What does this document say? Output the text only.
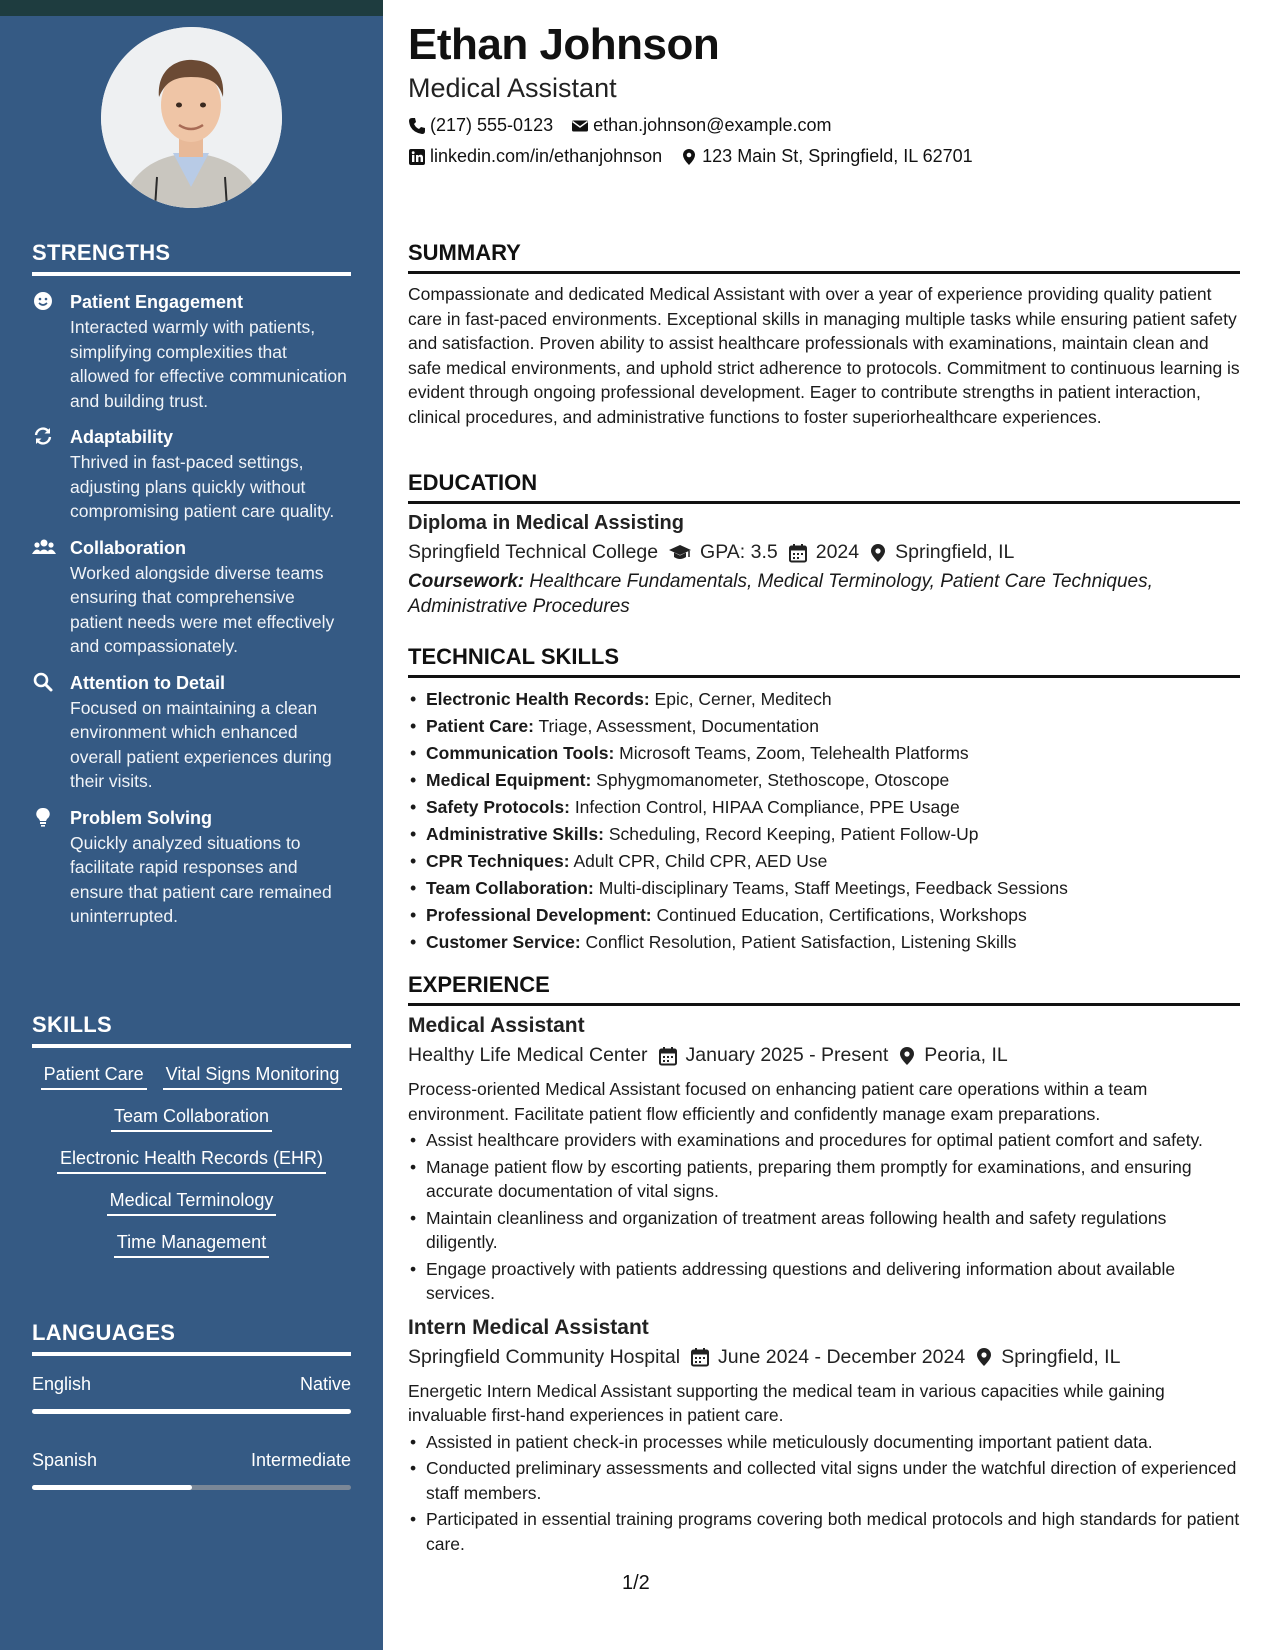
STRENGTHS
Patient Engagement
Interacted warmly with patients, simplifying complexities that allowed for effective communication and building trust.
Adaptability
Thrived in fast-paced settings, adjusting plans quickly without compromising patient care quality.
Collaboration
Worked alongside diverse teams ensuring that comprehensive patient needs were met effectively and compassionately.
Attention to Detail
Focused on maintaining a clean environment which enhanced overall patient experiences during their visits.
Problem Solving
Quickly analyzed situations to facilitate rapid responses and ensure that patient care remained uninterrupted.
SKILLS
Patient Care Vital Signs Monitoring
Team Collaboration
Electronic Health Records (EHR)
Medical Terminology
Time Management
LANGUAGES
English	Native
Spanish	Intermediate
Ethan Johnson
Medical Assistant
(217) 555-0123 ethan.johnson@example.com
linkedin.com/in/ethanjohnson 123 Main St, Springfield, IL 62701
SUMMARY
Compassionate and dedicated Medical Assistant with over a year of experience providing quality patient care in fast-paced environments. Exceptional skills in managing multiple tasks while ensuring patient safety and satisfaction. Proven ability to assist healthcare professionals with examinations, maintain clean and safe medical environments, and uphold strict adherence to protocols. Commitment to continuous learning is evident through ongoing professional development. Eager to contribute strengths in patient interaction, clinical procedures, and administrative functions to foster superiorhealthcare experiences.
EDUCATION
Diploma in Medical Assisting
Springfield Technical College GPA: 3.5 2024 Springfield, IL
Coursework: Healthcare Fundamentals, Medical Terminology, Patient Care Techniques, Administrative Procedures
TECHNICAL SKILLS
• Electronic Health Records: Epic, Cerner, Meditech
• Patient Care: Triage, Assessment, Documentation
• Communication Tools: Microsoft Teams, Zoom, Telehealth Platforms
• Medical Equipment: Sphygmomanometer, Stethoscope, Otoscope
• Safety Protocols: Infection Control, HIPAA Compliance, PPE Usage
• Administrative Skills: Scheduling, Record Keeping, Patient Follow-Up
• CPR Techniques: Adult CPR, Child CPR, AED Use
• Team Collaboration: Multi-disciplinary Teams, Staff Meetings, Feedback Sessions
• Professional Development: Continued Education, Certifications, Workshops
• Customer Service: Conflict Resolution, Patient Satisfaction, Listening Skills
EXPERIENCE
Medical Assistant
Healthy Life Medical Center January 2025 - Present Peoria, IL
Process-oriented Medical Assistant focused on enhancing patient care operations within a team environment. Facilitate patient flow efficiently and confidently manage exam preparations.
• Assist healthcare providers with examinations and procedures for optimal patient comfort and safety.
• Manage patient flow by escorting patients, preparing them promptly for examinations, and ensuring accurate documentation of vital signs.
• Maintain cleanliness and organization of treatment areas following health and safety regulations diligently.
• Engage proactively with patients addressing questions and delivering information about available services.
Intern Medical Assistant
Springfield Community Hospital June 2024 - December 2024 Springfield, IL
Energetic Intern Medical Assistant supporting the medical team in various capacities while gaining invaluable first-hand experiences in patient care.
• Assisted in patient check-in processes while meticulously documenting important patient data.
• Conducted preliminary assessments and collected vital signs under the watchful direction of experienced staff members.
• Participated in essential training programs covering both medical protocols and high standards for patient care.
1/2
